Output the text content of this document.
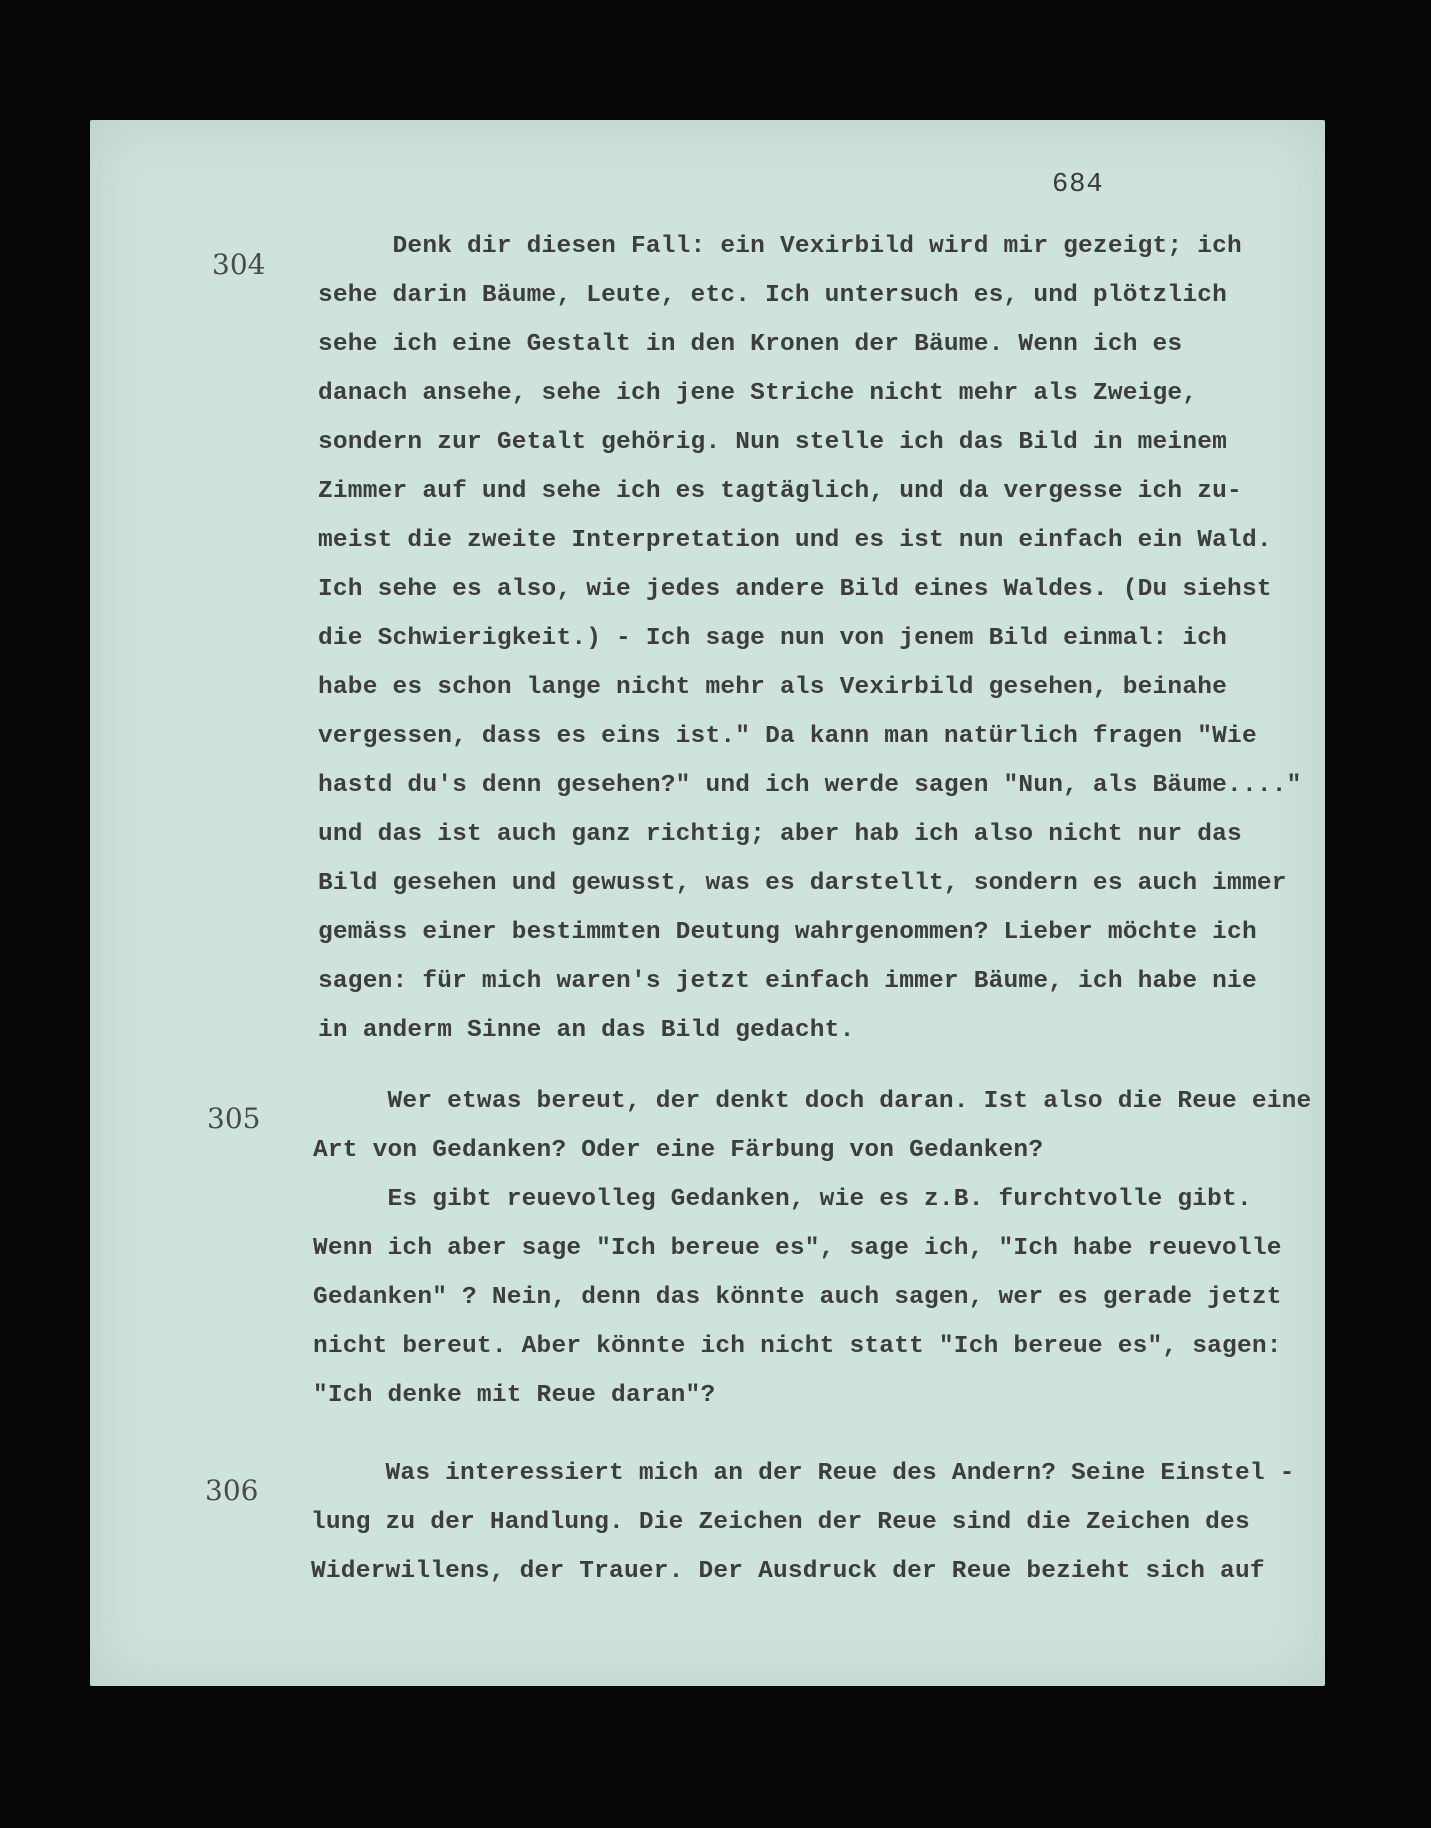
684
304
Denk dir diesen Fall: ein Vexirbild wird mir gezeigt; ich
sehe darin Bäume, Leute, etc. Ich untersuch es, und plötzlich
sehe ich eine Gestalt in den Kronen der Bäume. Wenn ich es
danach ansehe, sehe ich jene Striche nicht mehr als Zweige,
sondern zur Getalt gehörig. Nun stelle ich das Bild in meinem
Zimmer auf und sehe ich es tagtäglich, und da vergesse ich zu-
meist die zweite Interpretation und es ist nun einfach ein Wald.
Ich sehe es also, wie jedes andere Bild eines Waldes. (Du siehst
die Schwierigkeit.) - Ich sage nun von jenem Bild einmal: ich
habe es schon lange nicht mehr als Vexirbild gesehen, beinahe
vergessen, dass es eins ist." Da kann man natürlich fragen "Wie
hastd du's denn gesehen?" und ich werde sagen "Nun, als Bäume...."
und das ist auch ganz richtig; aber hab ich also nicht nur das
Bild gesehen und gewusst, was es darstellt, sondern es auch immer
gemäss einer bestimmten Deutung wahrgenommen? Lieber möchte ich
sagen: für mich waren's jetzt einfach immer Bäume, ich habe nie
in anderm Sinne an das Bild gedacht.
305
Wer etwas bereut, der denkt doch daran. Ist also die Reue eine
Art von Gedanken? Oder eine Färbung von Gedanken?
Es gibt reuevolleg Gedanken, wie es z.B. furchtvolle gibt.
Wenn ich aber sage "Ich bereue es", sage ich, "Ich habe reuevolle
Gedanken" ? Nein, denn das könnte auch sagen, wer es gerade jetzt
nicht bereut. Aber könnte ich nicht statt "Ich bereue es", sagen:
"Ich denke mit Reue daran"?
306
Was interessiert mich an der Reue des Andern? Seine Einstel -
lung zu der Handlung. Die Zeichen der Reue sind die Zeichen des
Widerwillens, der Trauer. Der Ausdruck der Reue bezieht sich auf
